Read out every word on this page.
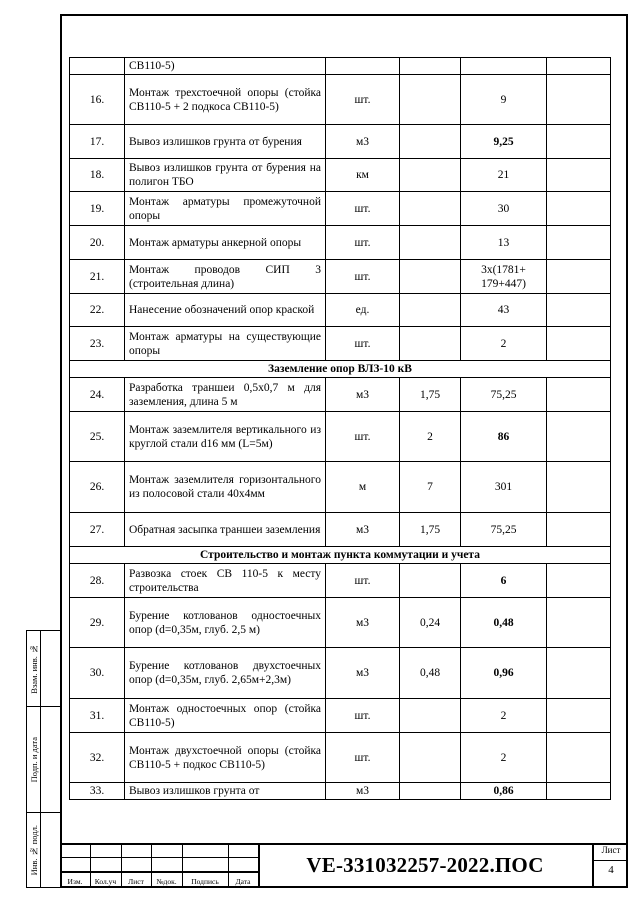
Взам. инв. №
Подп. и дата
Инв. № подл.
	СВ110-5)				
16.	Монтаж трехстоечной опоры (стойка СВ110-5 + 2 подкоса СВ110-5)	шт.		9	
17.	Вывоз излишков грунта от бурения	м3		9,25	
18.	Вывоз излишков грунта от бурения на полигон ТБО	км		21	
19.	Монтаж арматуры промежуточной опоры	шт.		30	
20.	Монтаж арматуры анкерной опоры	шт.		13	
21.	Монтаж проводов СИП 3 (строительная длина)	шт.		3х(1781+ 179+447)	
22.	Нанесение обозначений опор краской	ед.		43	
23.	Монтаж арматуры на существующие опоры	шт.		2	
Заземление опор ВЛЗ-10 кВ					
24.	Разработка траншеи 0,5х0,7 м для заземления, длина 5 м	м3	1,75	75,25	
25.	Монтаж заземлителя вертикального из круглой стали d16 мм (L=5м)	шт.	2	86	
26.	Монтаж заземлителя горизонтального из полосовой стали 40х4мм	м	7	301	
27.	Обратная засыпка траншеи заземления	м3	1,75	75,25	
Строительство и монтаж пункта коммутации и учета					
28.	Развозка стоек СВ 110-5 к месту строительства	шт.		6	
29.	Бурение котлованов одностоечных опор (d=0,35м, глуб. 2,5 м)	м3	0,24	0,48	
30.	Бурение котлованов двухстоечных опор (d=0,35м, глуб. 2,65м+2,3м)	м3	0,48	0,96	
31.	Монтаж одностоечных опор (стойка СВ110-5)	шт.		2	
32.	Монтаж двухстоечной опоры (стойка СВ110-5 + подкос СВ110-5)	шт.		2	
33.	Вывоз излишков грунта от	м3		0,86	
Изм.	Кол.уч	Лист	№док.	Подпись	Дата
VE-331032257-2022.ПОС
Лист
4
